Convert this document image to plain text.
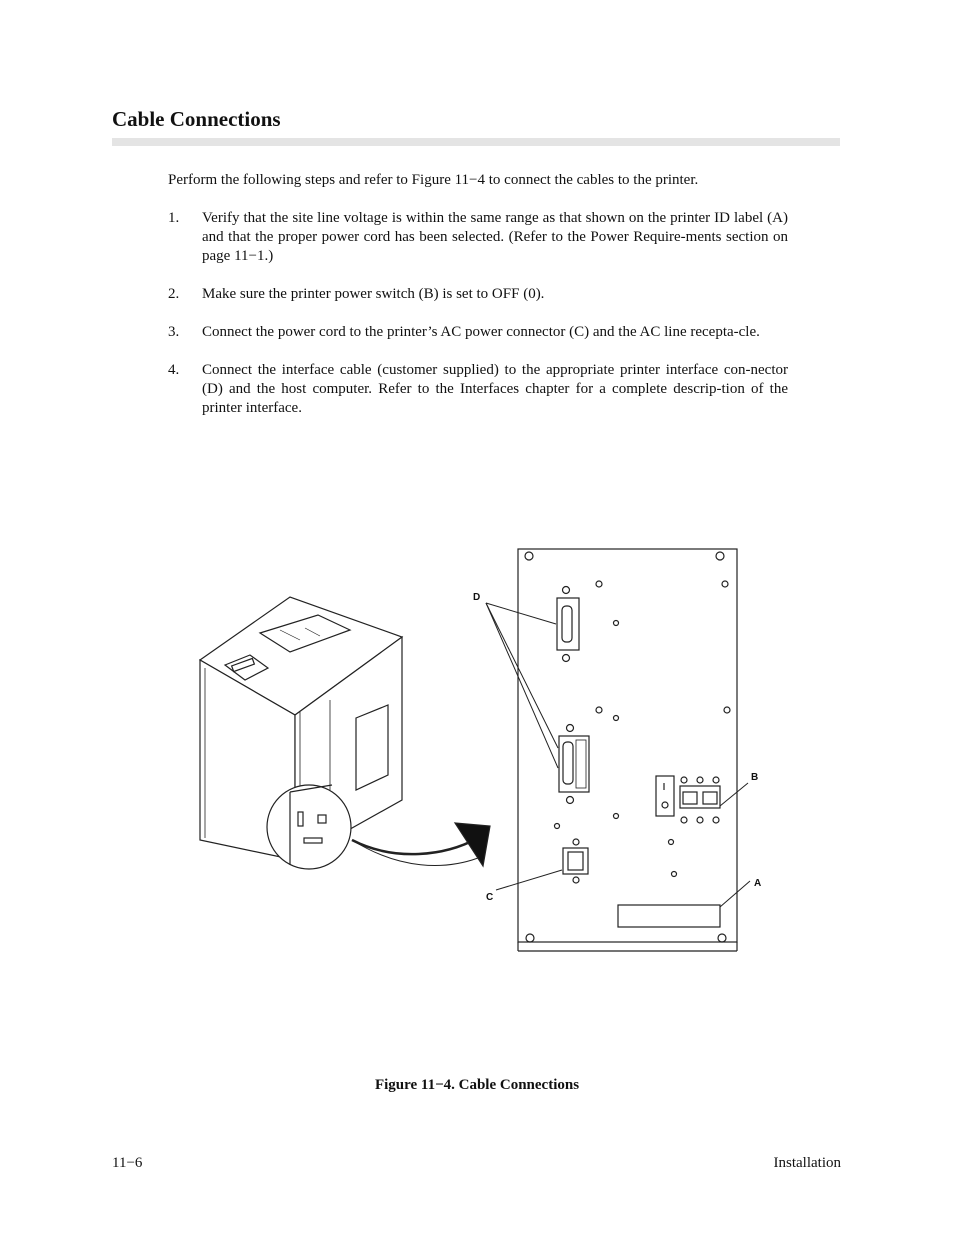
Cable Connections

Perform the following steps and refer to Figure 11−4 to connect the cables to the printer.

1.	Verify that the site line voltage is within the same range as that shown on the printer ID label (A) and that the proper power cord has been selected. (Refer to the Power Require-ments section on page 11−1.)
2.	Make sure the printer power switch (B) is set to OFF (0).
3.	Connect the power cord to the printer’s AC power connector (C) and the AC line recepta-cle.
4.	Connect the interface cable (customer supplied) to the appropriate printer interface con-nector (D) and the host computer. Refer to the Interfaces chapter for a complete descrip-tion of the printer interface.
D
B
A
C
Figure 11−4. Cable Connections
11−6	Installation
